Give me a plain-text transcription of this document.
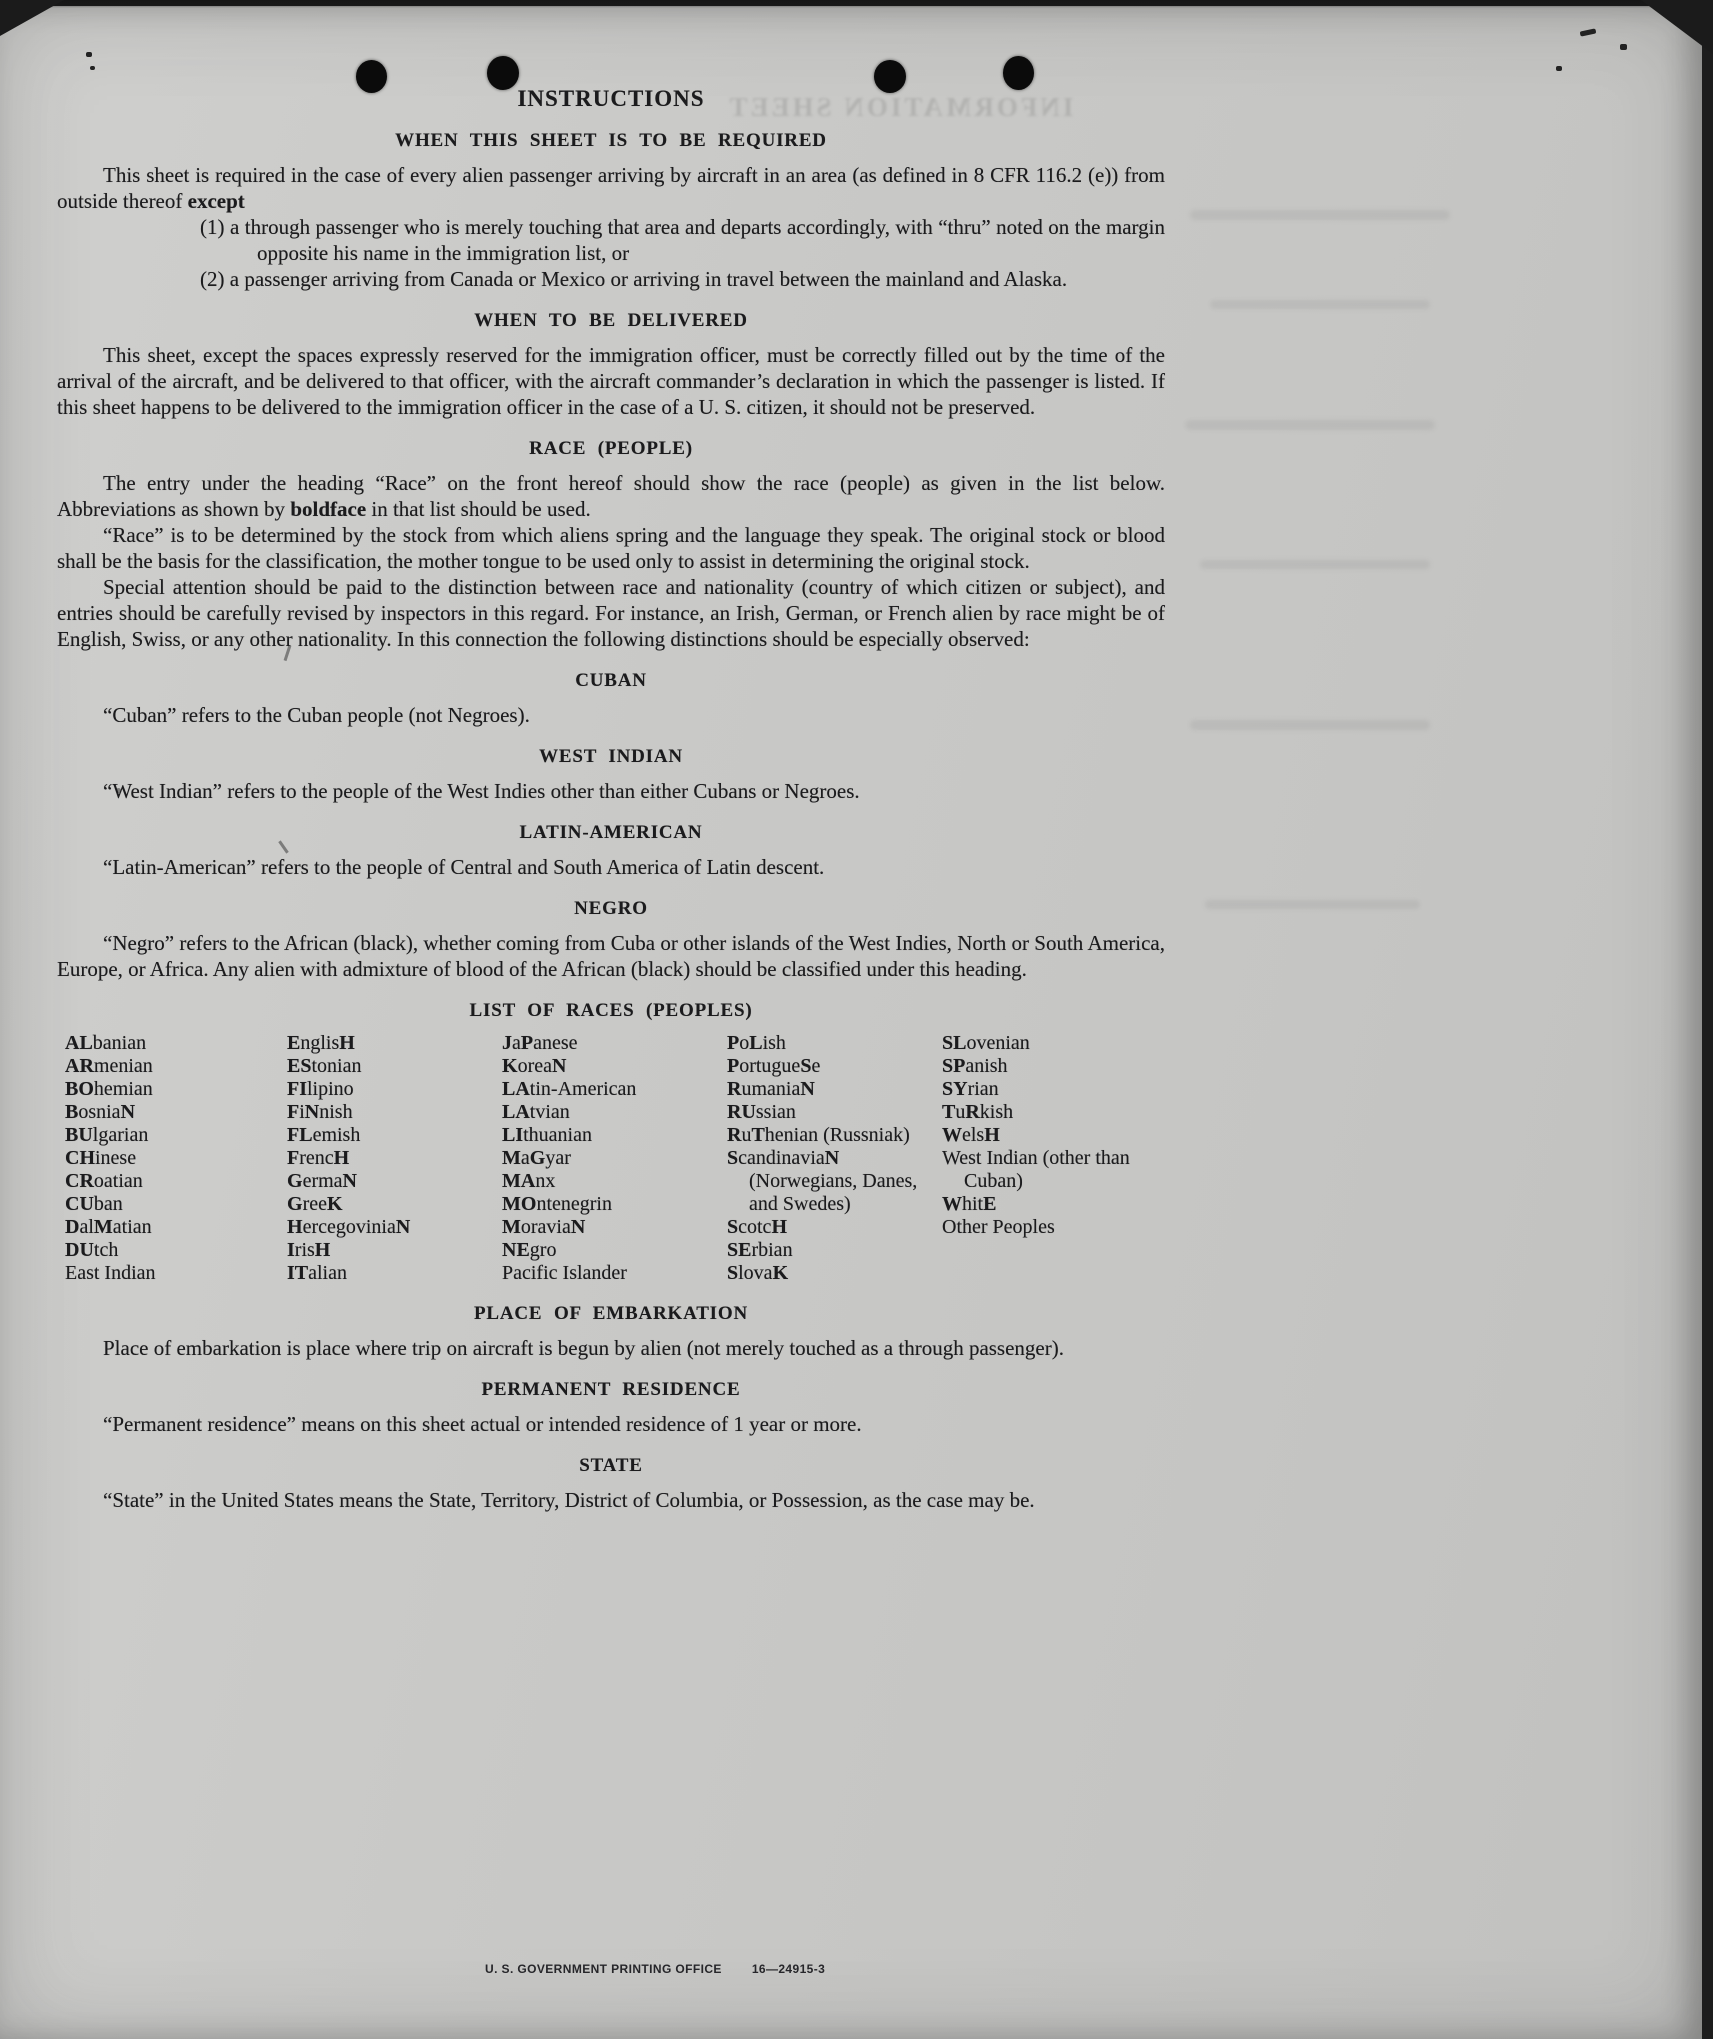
INFORMATION SHEET
INSTRUCTIONS
WHEN THIS SHEET IS TO BE REQUIRED

This sheet is required in the case of every alien passenger arriving by aircraft in an area (as defined in 8 CFR 116.2 (e)) from outside thereof except

(1) a through passenger who is merely touching that area and departs accordingly, with “thru” noted on the margin opposite his name in the immigration list, or

(2) a passenger arriving from Canada or Mexico or arriving in travel between the mainland and Alaska.

WHEN TO BE DELIVERED

This sheet, except the spaces expressly reserved for the immigration officer, must be correctly filled out by the time of the arrival of the aircraft, and be delivered to that officer, with the aircraft commander’s declaration in which the passenger is listed. If this sheet happens to be delivered to the immigration officer in the case of a U. S. citizen, it should not be preserved.

RACE (PEOPLE)

The entry under the heading “Race” on the front hereof should show the race (people) as given in the list below. Abbreviations as shown by boldface in that list should be used.

“Race” is to be determined by the stock from which aliens spring and the language they speak. The original stock or blood shall be the basis for the classification, the mother tongue to be used only to assist in determining the original stock.

Special attention should be paid to the distinction between race and nationality (country of which citizen or subject), and entries should be carefully revised by inspectors in this regard. For instance, an Irish, German, or French alien by race might be of English, Swiss, or any other nationality. In this connection the following distinctions should be especially observed:

CUBAN

“Cuban” refers to the Cuban people (not Negroes).

WEST INDIAN

“West Indian” refers to the people of the West Indies other than either Cubans or Negroes.

LATIN-AMERICAN

“Latin-American” refers to the people of Central and South America of Latin descent.

NEGRO

“Negro” refers to the African (black), whether coming from Cuba or other islands of the West Indies, North or South America, Europe, or Africa. Any alien with admixture of blood of the African (black) should be classified under this heading.

LIST OF RACES (PEOPLES)
ALbanian
ARmenian
BOhemian
BosniaN
BUlgarian
CHinese
CRoatian
CUban
DalMatian
DUtch
East Indian
EnglisH
EStonian
FIlipino
FiNnish
FLemish
FrencH
GermaN
GreeK
HercegoviniaN
IrisH
ITalian
JaPanese
KoreaN
LAtin-American
LAtvian
LIthuanian
MaGyar
MAnx
MOntenegrin
MoraviaN
NEgro
Pacific Islander
PoLish
PortugueSe
RumaniaN
RUssian
RuThenian (Russniak)
ScandinaviaN (Norwegians, Danes, and Swedes)
ScotcH
SErbian
SlovaK
SLovenian
SPanish
SYrian
TuRkish
WelsH
West Indian (other than Cuban)
WhitE
Other Peoples
PLACE OF EMBARKATION

Place of embarkation is place where trip on aircraft is begun by alien (not merely touched as a through passenger).

PERMANENT RESIDENCE

“Permanent residence” means on this sheet actual or intended residence of 1 year or more.

STATE

“State” in the United States means the State, Territory, District of Columbia, or Possession, as the case may be.

U. S. GOVERNMENT PRINTING OFFICE	16—24915-3
